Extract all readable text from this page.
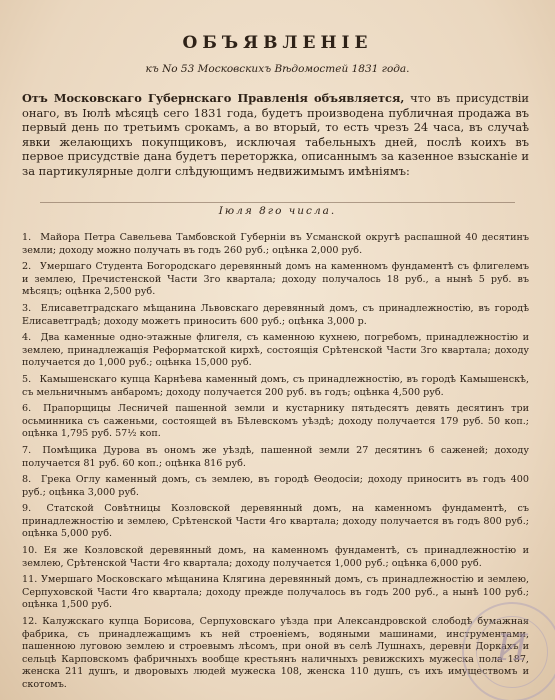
ОБЪЯВЛЕНІЕ
къ No 53 Московскихъ Вѣдомостей 1831 года.
Отъ Московскаго Губернскаго Правленія объявляется, что въ присудствіи онаго, въ Іюлѣ мѣсяцѣ сего 1831 года, будетъ производена публичная продажа въ первый день по третьимъ срокамъ, а во вторый, то есть чрезъ 24 часа, въ случаѣ явки желающихъ покупщиковъ, исключая табельныхъ дней, послѣ коихъ въ первое присудствіе дана будетъ переторжка, описаннымъ за казенное взысканіе и за партикулярные долги слѣдующимъ недвижимымъ имѣніямъ:
Іюля 8го числа.
1. Майора Петра Савельева Тамбовской Губерніи въ Усманской округѣ распашной 40 десятинъ земли; доходу можно получать въ годъ 260 руб.; оцѣнка 2,000 руб.
2. Умершаго Студента Богородскаго деревянный домъ на каменномъ фундаментѣ съ флигелемъ и землею, Пречистенской Части 3го квартала; доходу получалось 18 руб., а нынѣ 5 руб. въ мѣсяцъ; оцѣнка 2,500 руб.
3. Елисаветградскаго мѣщанина Львовскаго деревянный домъ, съ принадлежностію, въ городѣ Елисаветградѣ; доходу можетъ приносить 600 руб.; оцѣнка 3,000 р.
4. Два каменные одно-этажные флигеля, съ каменною кухнею, погребомъ, принадлежностію и землею, принадлежащія Реформатской кирхѣ, состоящія Срѣтенской Части 3го квартала; доходу получается до 1,000 руб.; оцѣнка 15,000 руб.
5. Камышенскаго купца Карнѣева каменный домъ, съ принадлежностію, въ городѣ Камышенскѣ, съ мельничнымъ анбаромъ; доходу получается 200 руб. въ годъ; оцѣнка 4,500 руб.
6. Прапорщицы Лесничей пашенной земли и кустарнику пятьдесятъ девять десятинъ три осьминника съ саженьми, состоящей въ Бѣлевскомъ уѣздѣ; доходу получается 179 руб. 50 коп.; оцѣнка 1,795 руб. 57½ коп.
7. Помѣщика Дурова въ ономъ же уѣздѣ, пашенной земли 27 десятинъ 6 саженей; доходу получается 81 руб. 60 коп.; оцѣнка 816 руб.
8. Грека Оглу каменный домъ, съ землею, въ городѣ Ѳеодосіи; доходу приноситъ въ годъ 400 руб.; оцѣнка 3,000 руб.
9. Статской Совѣтницы Козловской деревянный домъ, на каменномъ фундаментѣ, съ принадлежностію и землею, Срѣтенской Части 4го квартала; доходу получается въ годъ 800 руб.; оцѣнка 5,000 руб.
10. Ея же Козловской деревянный домъ, на каменномъ фундаментѣ, съ принадлежностію и землею, Срѣтенской Части 4го квартала; доходу получается 1,000 руб.; оцѣнка 6,000 руб.
11. Умершаго Московскаго мѣщанина Клягина деревянный домъ, съ принадлежностію и землею, Серпуховской Части 4го квартала; доходу прежде получалось въ годъ 200 руб., а нынѣ 100 руб.; оцѣнка 1,500 руб.
12. Калужскаго купца Борисова, Серпуховскаго уѣзда при Александровской слободѣ бумажная фабрика, съ принадлежащимъ къ ней строеніемъ, водяными машинами, инструментами, пашенною луговою землею и строевымъ лѣсомъ, при оной въ селѣ Лушнахъ, деревни Доркахъ и сельцѣ Карповскомъ фабричныхъ вообще крестьянъ наличныхъ ревижскихъ мужеска пола 187, женска 211 душъ, и дворовыхъ людей мужеска 108, женска 110 душъ, съ ихъ имуществомъ и скотомъ.
И
